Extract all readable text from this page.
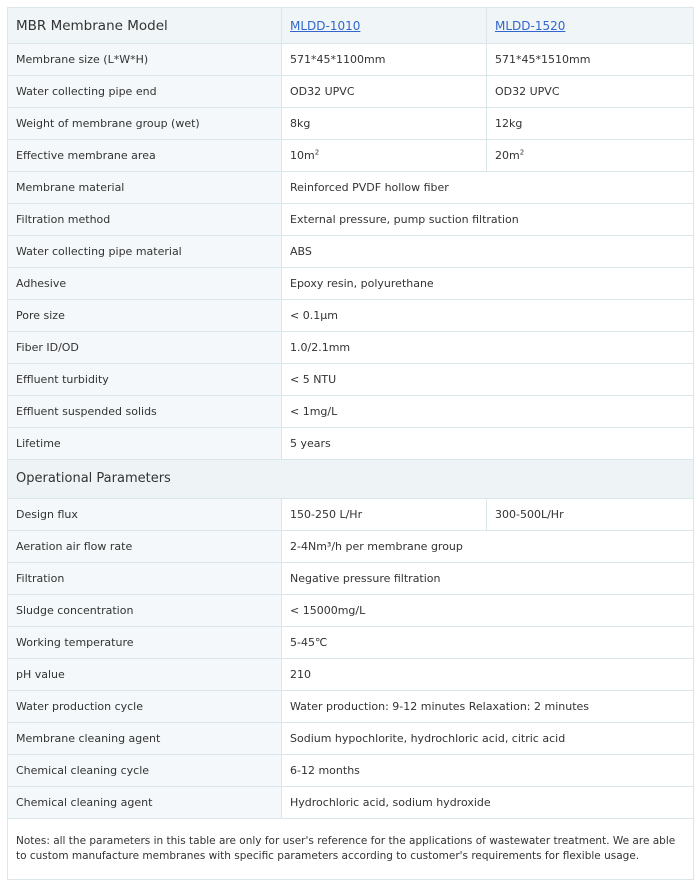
MBR Membrane Model	MLDD-1010	MLDD-1520
Membrane size (L*W*H)	571*45*1100mm	571*45*1510mm
Water collecting pipe end	OD32 UPVC	OD32 UPVC
Weight of membrane group (wet)	8kg	12kg
Effective membrane area	$10m^2$	$20m^2$
Membrane material	Reinforced PVDF hollow fiber	
Filtration method	External pressure, pump suction filtration	
Water collecting pipe material	ABS	
Adhesive	Epoxy resin, polyurethane	
Pore size	< 0.1μm	
Fiber ID/OD	1.0/2.1mm	
Effluent turbidity	< 5 NTU	
Effluent suspended solids	< 1mg/L	
Lifetime	5 years	
Operational Parameters		
Design flux	150-250 L/Hr	300-500L/Hr
Aeration air flow rate	2-4Nm³/h per membrane group	
Filtration	Negative pressure filtration	
Sludge concentration	< 15000mg/L	
Working temperature	5-45℃	
pH value	210	
Water production cycle	Water production: 9-12 minutes Relaxation: 2 minutes	
Membrane cleaning agent	Sodium hypochlorite, hydrochloric acid, citric acid	
Chemical cleaning cycle	6-12 months	
Chemical cleaning agent	Hydrochloric acid, sodium hydroxide	
Notes: all the parameters in this table are only for user's reference for the applications of wastewater treatment. We are able to custom manufacture membranes with specific parameters according to customer's requirements for flexible usage.		
